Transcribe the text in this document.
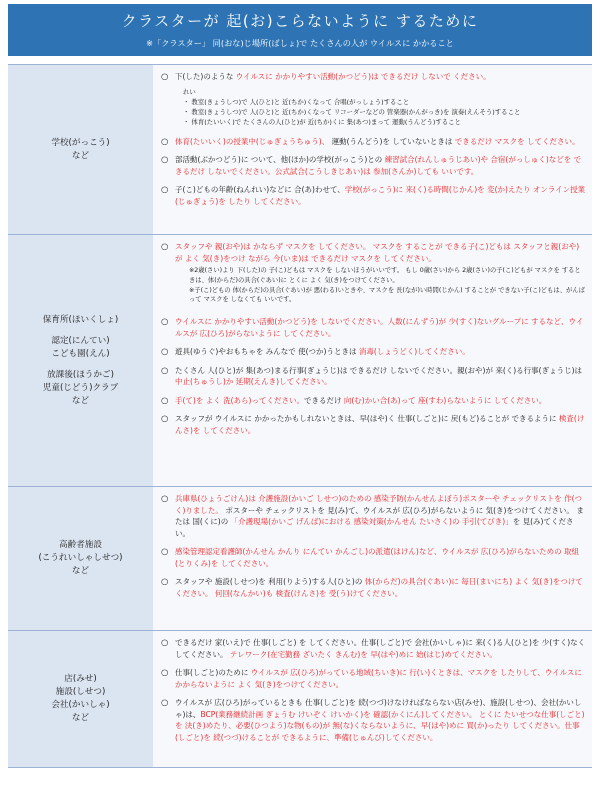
クラスターが 起(お)こらないように するために
※「クラスター」 同(おな)じ場所(ばしょ)で たくさんの人が ウイルスに かかること
学校(がっこう)
など
○ 下(した)のような ウイルスに かかりやすい活動(かつどう)は できるだけ しないで ください。
れい
・ 教室(きょうしつ)で 人(ひと)と 近(ちか)くなって 合唱(がっしょう)すること
・ 教室(きょうしつ)で 人(ひと)と 近(ちか)くなって リコーダーなどの 管楽器(かんがっき)を 演奏(えんそう)すること
・ 体育(たいいく)で たくさんの人(ひと)が 近(ちか)くに 集(あつ)まって 運動(うんどう)すること
○ 体育(たいいく)の授業中(じゅぎょうちゅう)、 運動(うんどう)を していないときは できるだけ マスクを してください。
○ 部活動(ぶかつどう)に ついて、他(ほか)の学校(がっこう)との 練習試合(れんしゅうじあい)や 合宿(がっしゅく)などを できるだけ しないでください。公式試合(こうしきじあい)は 参加(さんか)しても いいです。
○ 子(こ)どもの年齢(ねんれい)などに 合(あ)わせて、学校(がっこう)に 来(く)る時間(じかん)を 変(か)えたり オンライン授業(じゅぎょう)を したり してください。
保育所(ほいくしょ)
認定(にんてい)
こども園(えん)
放課後(ほうかご)
児童(じどう)クラブ
など
○ スタッフや 親(おや)は かならず マスクを してください。 マスクを することが できる子(こ)どもは スタッフと親(おや)が よく 気(き)をつけ ながら 今(いま)は できるだけ マスクを してください。
※2歳(さい)より 下(した)の 子(こ)どもは マスクを しないほうがいいです。 もし 0歳(さい)から 2歳(さい)の子(こ)どもが マスクを するときは、体(からだ)の具合(ぐあい)に とくに よく 気(き)をつけてください。
※子(こ)どもの 体(からだ)の具合(ぐあい)が 悪(わる)いときや、マスクを 長(なが)い時間(じかん) することが できない子(こ)どもは、がんばって マスクを しなくても いいです。
○ ウイルスに かかりやすい活動(かつどう)を しないでください。人数(にんずう)が 少(すく)ないグループに するなど、ウイルスが 広(ひろ)がらないように してください。
○ 遊具(ゆうぐ)やおもちゃを みんなで 使(つか)うときは 消毒(しょうどく)してください。
○ たくさん 人(ひと)が 集(あつ)まる行事(ぎょうじ)は できるだけ しないでください。親(おや)が 来(く)る行事(ぎょうじ)は 中止(ちゅうし)か 延期(えんき)してください。
○ 手(て)を よく 洗(あら)ってください。できるだけ 向(む)かい合(あ)って 座(すわ)らないように してください。
○ スタッフが ウイルスに かかったかもしれないときは、早(はや)く 仕事(しごと)に 戻(もど)ることが できるように 検査(けんさ)を してください。
高齢者施設
(こうれいしゃしせつ)
など
○ 兵庫県(ひょうごけん)は 介護施設(かいご しせつ)のための 感染予防(かんせんよぼう)ポスターや チェックリストを 作(つく)りました。 ポスターや チェックリストを 見(み)て、ウイルスが 広(ひろ)がらないように 気(き)をつけてください。 または 国(くに)の 「介護現場(かいご げんば)における 感染対策(かんせん たいさく)の 手引(てびき)」を 見(み)てください。
○ 感染管理認定看護師(かんせん かんり にんてい かんごし)の派遣(はけん)など、ウイルスが 広(ひろ)がらないための 取組(とりくみ)を してください。
○ スタッフや 施設(しせつ)を 利用(りよう)する人(ひと)の 体(からだ)の具合(ぐあい)に 毎日(まいにち) よく 気(き)をつけてください。 何回(なんかい)も 検査(けんさ)を 受(う)けてください。
店(みせ)
施設(しせつ)
会社(かいしゃ)
など
○ できるだけ 家(いえ)で 仕事(しごと) を してください。仕事(しごと)で 会社(かいしゃ)に 来(く)る人(ひと)を 少(すく)なく してください。 テレワーク(在宅勤務 ざいたく きんむ)を 早(はや)めに 始(はじ)めてください。
○ 仕事(しごと)のために ウイルスが 広(ひろ)がっている地域(ちいき)に 行(い)くときは、マスクを したりして、ウイルスに かからないように よく 気(き)をつけてください。
○ ウイルスが 広(ひろ)がっているときも 仕事(しごと)を 続(つづ)けなければならない店(みせ)、施設(しせつ)、会社(かいしゃ)は、BCP(業務継続計画 ぎょうむ けいぞく けいかく)を 確認(かくにん)してください。 とくに たいせつな仕事(しごと)を 決(き)めたり、必要(ひつよう)な物(もの)が 無(な)くならないように、早(はや)めに 買(か)ったり してください。仕事(しごと)を 続(つづ)けることが できるように、準備(じゅんび)してください。
